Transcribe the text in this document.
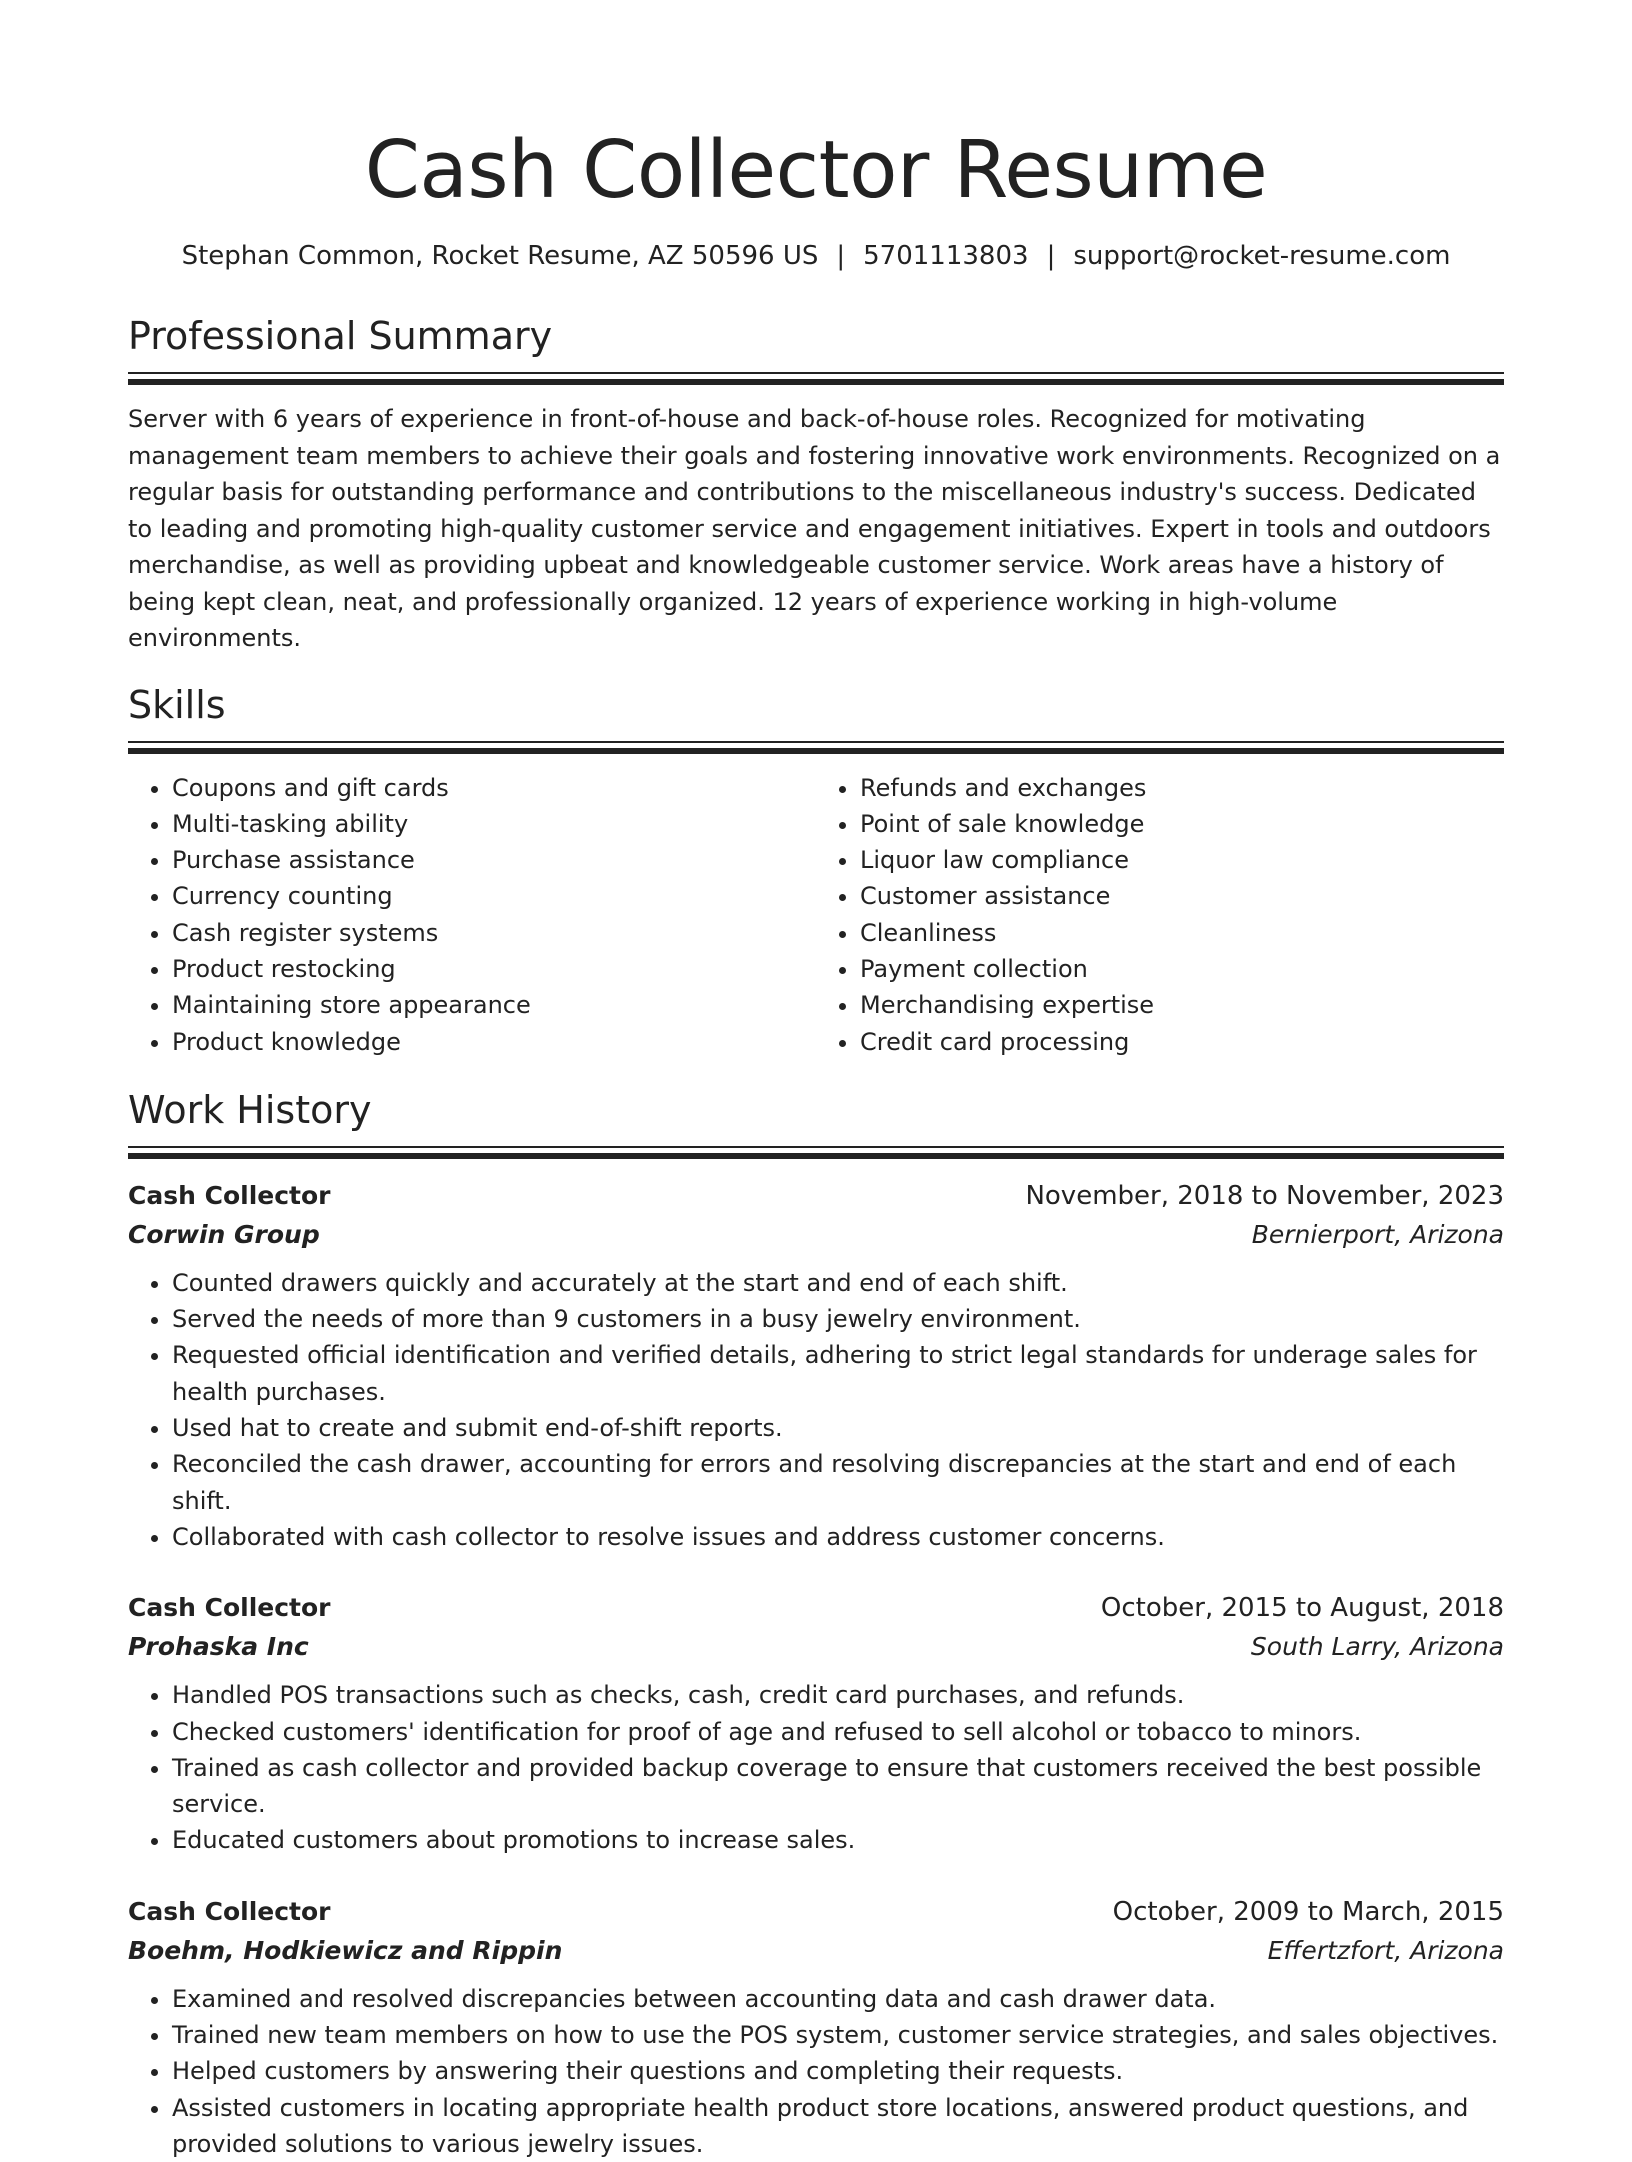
Cash Collector Resume
Stephan Common, Rocket Resume, AZ 50596 US | 5701113803 | support@rocket-resume.com
Professional Summary

Server with 6 years of experience in front-of-house and back-of-house roles. Recognized for motivating management team members to achieve their goals and fostering innovative work environments. Recognized on a regular basis for outstanding performance and contributions to the miscellaneous industry's success. Dedicated to leading and promoting high-quality customer service and engagement initiatives. Expert in tools and outdoors merchandise, as well as providing upbeat and knowledgeable customer service. Work areas have a history of being kept clean, neat, and professionally organized. 12 years of experience working in high-volume environments.

Skills
• Coupons and gift cards
• Multi-tasking ability
• Purchase assistance
• Currency counting
• Cash register systems
• Product restocking
• Maintaining store appearance
• Product knowledge
• Refunds and exchanges
• Point of sale knowledge
• Liquor law compliance
• Customer assistance
• Cleanliness
• Payment collection
• Merchandising expertise
• Credit card processing
Work History
Cash Collector	November, 2018 to November, 2023
Corwin Group	Bernierport, Arizona
• Counted drawers quickly and accurately at the start and end of each shift.
• Served the needs of more than 9 customers in a busy jewelry environment.
• Requested official identification and verified details, adhering to strict legal standards for underage sales for health purchases.
• Used hat to create and submit end-of-shift reports.
• Reconciled the cash drawer, accounting for errors and resolving discrepancies at the start and end of each shift.
• Collaborated with cash collector to resolve issues and address customer concerns.
Cash Collector	October, 2015 to August, 2018
Prohaska Inc	South Larry, Arizona
• Handled POS transactions such as checks, cash, credit card purchases, and refunds.
• Checked customers' identification for proof of age and refused to sell alcohol or tobacco to minors.
• Trained as cash collector and provided backup coverage to ensure that customers received the best possible service.
• Educated customers about promotions to increase sales.
Cash Collector	October, 2009 to March, 2015
Boehm, Hodkiewicz and Rippin	Effertzfort, Arizona
• Examined and resolved discrepancies between accounting data and cash drawer data.
• Trained new team members on how to use the POS system, customer service strategies, and sales objectives.
• Helped customers by answering their questions and completing their requests.
• Assisted customers in locating appropriate health product store locations, answered product questions, and provided solutions to various jewelry issues.
